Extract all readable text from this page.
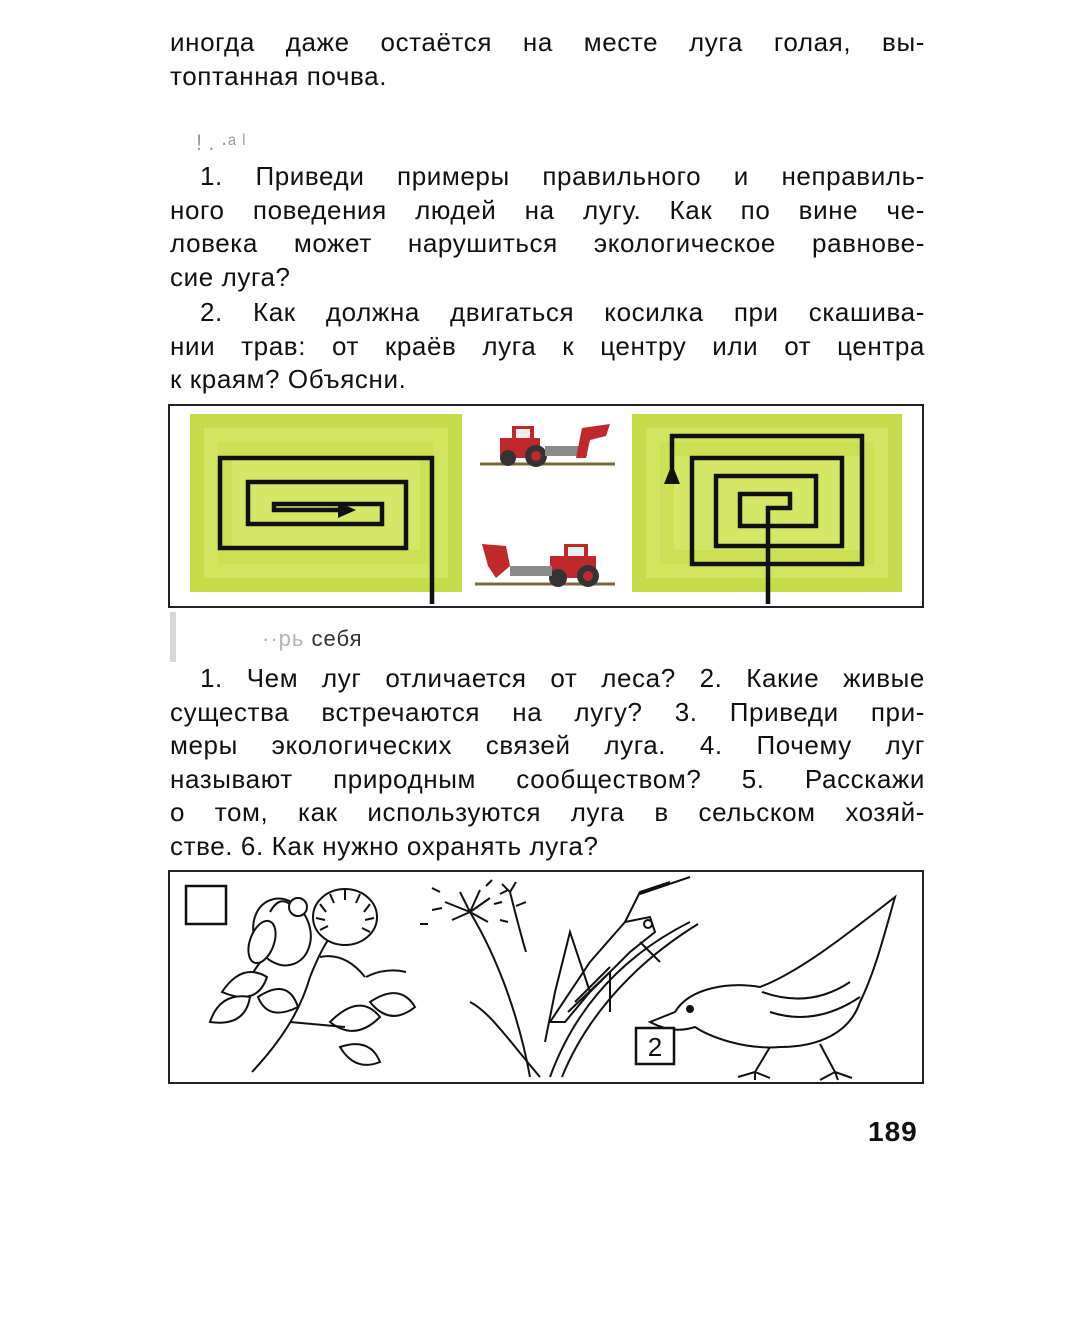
иногда даже остаётся на месте луга голая, вы-
топтанная почва.
! . ·ᵃ ˡ
1. Приведи примеры правильного и неправиль-
ного поведения людей на лугу. Как по вине че-
ловека может нарушиться экологическое равнове-
сие луга?
2. Как должна двигаться косилка при скашива-
нии трав: от краёв луга к центру или от центра
к краям? Объясни.
··рь себя
1. Чем луг отличается от леса? 2. Какие живые
существа встречаются на лугу? 3. Приведи при-
меры экологических связей луга. 4. Почему луг
называют природным сообществом? 5. Расскажи
о том, как используются луга в сельском хозяй-
стве. 6. Как нужно охранять луга?
2
189
